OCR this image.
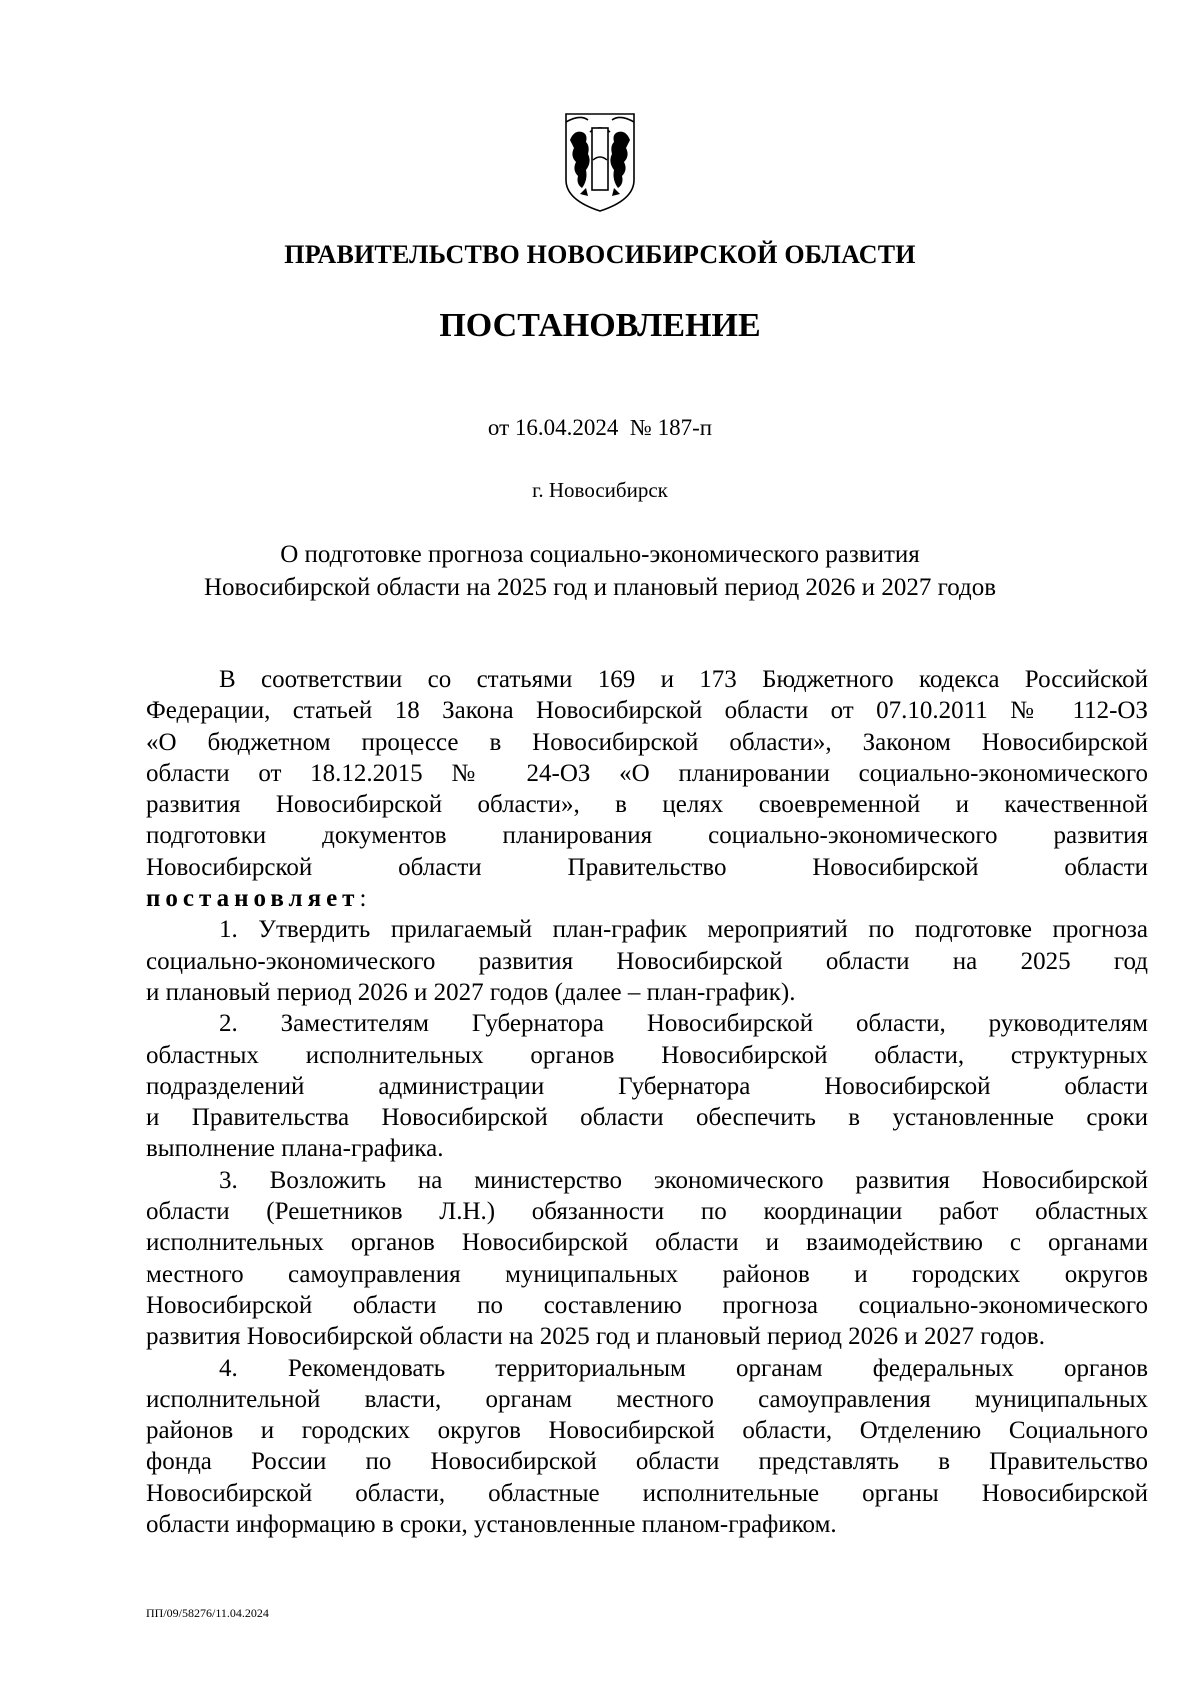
ПРАВИТЕЛЬСТВО НОВОСИБИРСКОЙ ОБЛАСТИ
ПОСТАНОВЛЕНИЕ
от 16.04.2024  № 187-п
г. Новосибирск
О подготовке прогноза социально-экономического развития
Новосибирской области на 2025 год и плановый период 2026 и 2027 годов

В соответствии со статьями 169 и 173 Бюджетного кодекса Российской

Федерации, статьей 18 Закона Новосибирской области от 07.10.2011 № 112-ОЗ

«О бюджетном процессе в Новосибирской области», Законом Новосибирской

области от 18.12.2015 № 24-ОЗ «О планировании социально-экономического

развития Новосибирской области», в целях своевременной и качественной

подготовки документов планирования социально-экономического развития

Новосибирской области Правительство Новосибирской области

постановляет:

1. Утвердить прилагаемый план-график мероприятий по подготовке прогноза

социально-экономического развития Новосибирской области на 2025 год

и плановый период 2026 и 2027 годов (далее – план-график).

2. Заместителям Губернатора Новосибирской области, руководителям

областных исполнительных органов Новосибирской области, структурных

подразделений администрации Губернатора Новосибирской области

и Правительства Новосибирской области обеспечить в установленные сроки

выполнение плана-графика.

3. Возложить на министерство экономического развития Новосибирской

области (Решетников Л.Н.) обязанности по координации работ областных

исполнительных органов Новосибирской области и взаимодействию с органами

местного самоуправления муниципальных районов и городских округов

Новосибирской области по составлению прогноза социально-экономического

развития Новосибирской области на 2025 год и плановый период 2026 и 2027 годов.

4. Рекомендовать территориальным органам федеральных органов

исполнительной власти, органам местного самоуправления муниципальных

районов и городских округов Новосибирской области, Отделению Социального

фонда России по Новосибирской области представлять в Правительство

Новосибирской области, областные исполнительные органы Новосибирской

области информацию в сроки, установленные планом-графиком.

ПП/09/58276/11.04.2024
